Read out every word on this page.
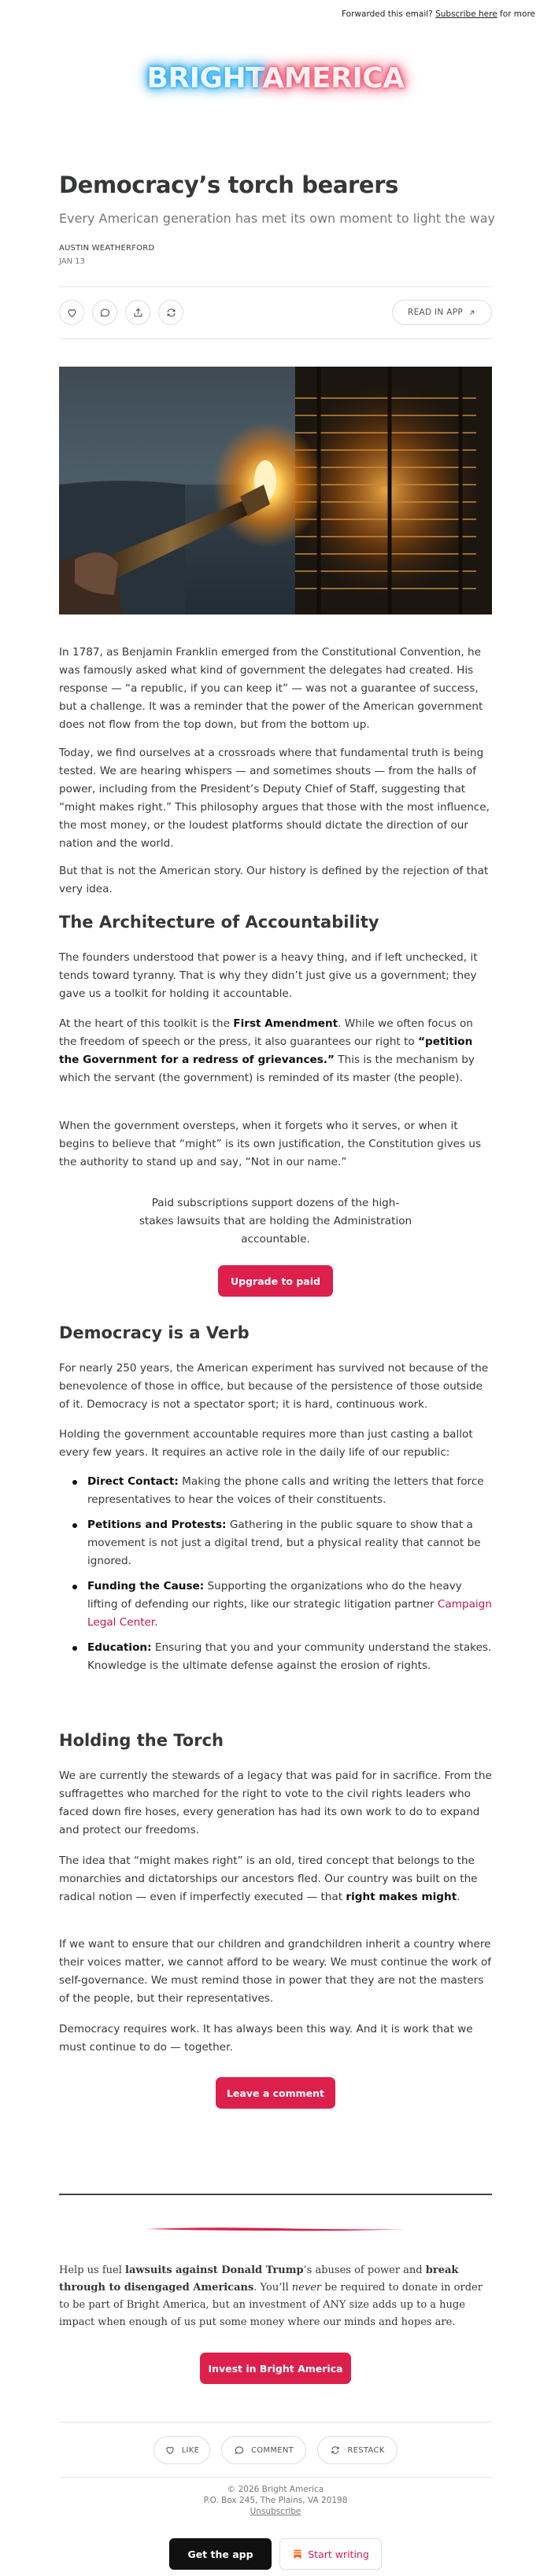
Forwarded this email? Subscribe here for more
BRIGHTAMERICA
Democracy’s torch bearers
Every American generation has met its own moment to light the way
AUSTIN WEATHERFORD
JAN 13
READ IN APP

In 1787, as Benjamin Franklin emerged from the Constitutional Convention, he was famously asked what kind of government the delegates had created. His response — “a republic, if you can keep it” — was not a guarantee of success, but a challenge. It was a reminder that the power of the American government does not flow from the top down, but from the bottom up.

Today, we find ourselves at a crossroads where that fundamental truth is being tested. We are hearing whispers — and sometimes shouts — from the halls of power, including from the President’s Deputy Chief of Staff, suggesting that “might makes right.” This philosophy argues that those with the most influence, the most money, or the loudest platforms should dictate the direction of our nation and the world.

But that is not the American story. Our history is defined by the rejection of that very idea.

The Architecture of Accountability

The founders understood that power is a heavy thing, and if left unchecked, it tends toward tyranny. That is why they didn’t just give us a government; they gave us a toolkit for holding it accountable.

At the heart of this toolkit is the First Amendment. While we often focus on the freedom of speech or the press, it also guarantees our right to “petition the Government for a redress of grievances.” This is the mechanism by which the servant (the government) is reminded of its master (the people).

When the government oversteps, when it forgets who it serves, or when it begins to believe that “might” is its own justification, the Constitution gives us the authority to stand up and say, “Not in our name.”

Paid subscriptions support dozens of the high-stakes lawsuits that are holding the Administration accountable.
Upgrade to paid
Democracy is a Verb

For nearly 250 years, the American experiment has survived not because of the benevolence of those in office, but because of the persistence of those outside of it. Democracy is not a spectator sport; it is hard, continuous work.

Holding the government accountable requires more than just casting a ballot every few years. It requires an active role in the daily life of our republic:

Direct Contact: Making the phone calls and writing the letters that force representatives to hear the voices of their constituents.
Petitions and Protests: Gathering in the public square to show that a movement is not just a digital trend, but a physical reality that cannot be ignored.
Funding the Cause: Supporting the organizations who do the heavy lifting of defending our rights, like our strategic litigation partner Campaign Legal Center.
Education: Ensuring that you and your community understand the stakes. Knowledge is the ultimate defense against the erosion of rights.
Holding the Torch

We are currently the stewards of a legacy that was paid for in sacrifice. From the suffragettes who marched for the right to vote to the civil rights leaders who faced down fire hoses, every generation has had its own work to do to expand and protect our freedoms.

The idea that “might makes right” is an old, tired concept that belongs to the monarchies and dictatorships our ancestors fled. Our country was built on the radical notion — even if imperfectly executed — that right makes might.

If we want to ensure that our children and grandchildren inherit a country where their voices matter, we cannot afford to be weary. We must continue the work of self-governance. We must remind those in power that they are not the masters of the people, but their representatives.

Democracy requires work. It has always been this way. And it is work that we must continue to do — together.

Leave a comment
Help us fuel lawsuits against Donald Trump’s abuses of power and break through to disengaged Americans. You’ll never be required to donate in order to be part of Bright America, but an investment of ANY size adds up to a huge impact when enough of us put some money where our minds and hopes are.
Invest in Bright America
LIKE	COMMENT	RESTACK
© 2026 Bright America
P.O. Box 245, The Plains, VA 20198
Unsubscribe
Get the app	Start writing
